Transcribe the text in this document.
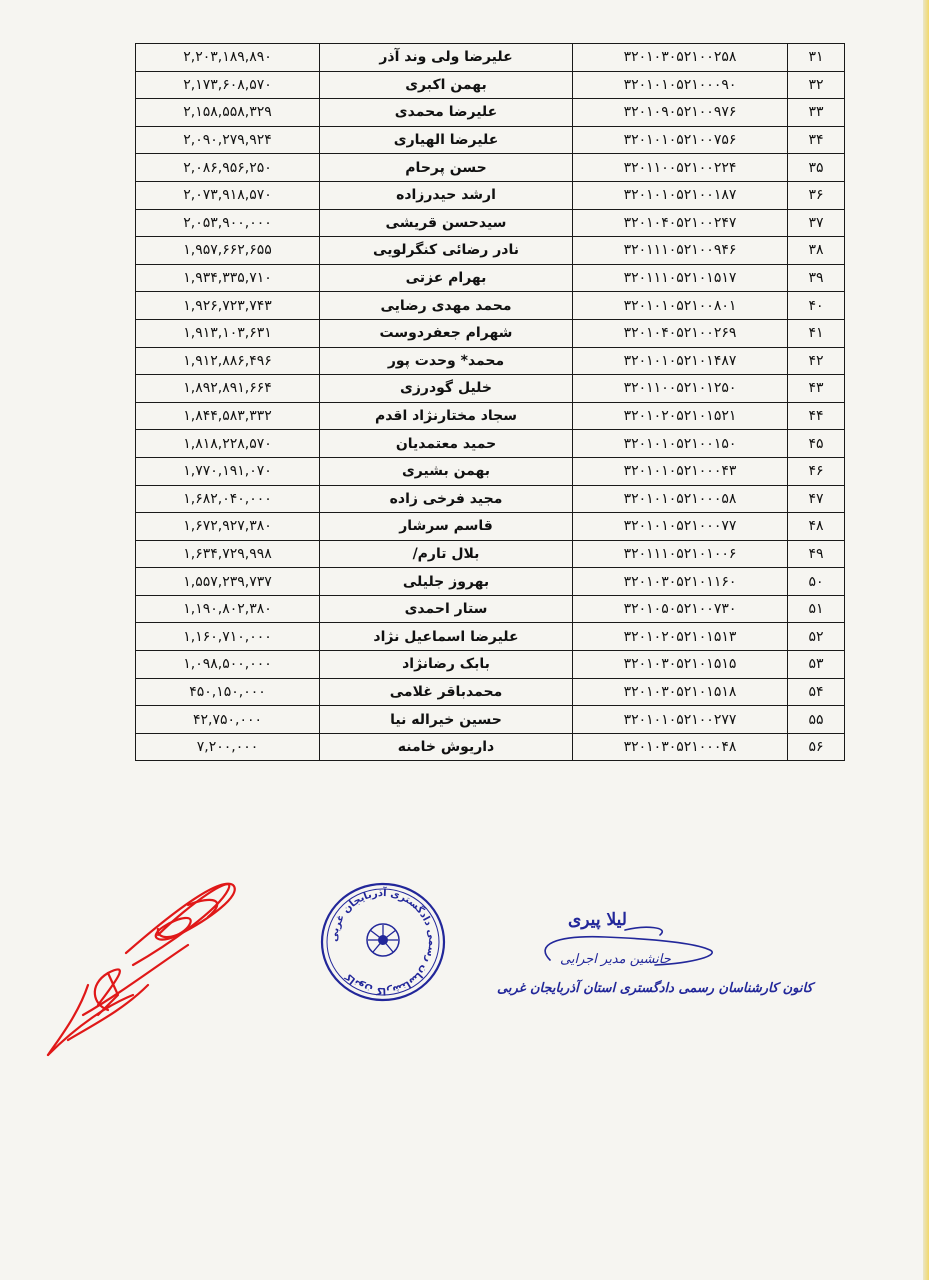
۳۱	۳۲۰۱۰۳۰۵۲۱۰۰۲۵۸	علیرضا ولی وند آذر	۲,۲۰۳,۱۸۹,۸۹۰
۳۲	۳۲۰۱۰۱۰۵۲۱۰۰۰۹۰	بهمن اکبری	۲,۱۷۳,۶۰۸,۵۷۰
۳۳	۳۲۰۱۰۹۰۵۲۱۰۰۹۷۶	علیرضا محمدی	۲,۱۵۸,۵۵۸,۳۲۹
۳۴	۳۲۰۱۰۱۰۵۲۱۰۰۷۵۶	علیرضا الهیاری	۲,۰۹۰,۲۷۹,۹۲۴
۳۵	۳۲۰۱۱۰۰۵۲۱۰۰۲۲۴	حسن پرحام	۲,۰۸۶,۹۵۶,۲۵۰
۳۶	۳۲۰۱۰۱۰۵۲۱۰۰۱۸۷	ارشد حیدرزاده	۲,۰۷۳,۹۱۸,۵۷۰
۳۷	۳۲۰۱۰۴۰۵۲۱۰۰۲۴۷	سیدحسن قریشی	۲,۰۵۳,۹۰۰,۰۰۰
۳۸	۳۲۰۱۱۱۰۵۲۱۰۰۹۴۶	نادر رضائی کنگرلویی	۱,۹۵۷,۶۶۲,۶۵۵
۳۹	۳۲۰۱۱۱۰۵۲۱۰۱۵۱۷	بهرام عزتی	۱,۹۳۴,۳۳۵,۷۱۰
۴۰	۳۲۰۱۰۱۰۵۲۱۰۰۸۰۱	محمد مهدی رضایی	۱,۹۲۶,۷۲۳,۷۴۳
۴۱	۳۲۰۱۰۴۰۵۲۱۰۰۲۶۹	شهرام جعفردوست	۱,۹۱۳,۱۰۳,۶۳۱
۴۲	۳۲۰۱۰۱۰۵۲۱۰۱۴۸۷	محمد* وحدت پور	۱,۹۱۲,۸۸۶,۴۹۶
۴۳	۳۲۰۱۱۰۰۵۲۱۰۱۲۵۰	خلیل گودرزی	۱,۸۹۲,۸۹۱,۶۶۴
۴۴	۳۲۰۱۰۲۰۵۲۱۰۱۵۲۱	سجاد مختارنژاد اقدم	۱,۸۴۴,۵۸۳,۳۳۲
۴۵	۳۲۰۱۰۱۰۵۲۱۰۰۱۵۰	حمید معتمدیان	۱,۸۱۸,۲۲۸,۵۷۰
۴۶	۳۲۰۱۰۱۰۵۲۱۰۰۰۴۳	بهمن بشیری	۱,۷۷۰,۱۹۱,۰۷۰
۴۷	۳۲۰۱۰۱۰۵۲۱۰۰۰۵۸	مجید فرخی زاده	۱,۶۸۲,۰۴۰,۰۰۰
۴۸	۳۲۰۱۰۱۰۵۲۱۰۰۰۷۷	قاسم سرشار	۱,۶۷۲,۹۲۷,۳۸۰
۴۹	۳۲۰۱۱۱۰۵۲۱۰۱۰۰۶	بلال تارم/	۱,۶۳۴,۷۲۹,۹۹۸
۵۰	۳۲۰۱۰۳۰۵۲۱۰۱۱۶۰	بهروز جلیلی	۱,۵۵۷,۲۳۹,۷۳۷
۵۱	۳۲۰۱۰۵۰۵۲۱۰۰۷۳۰	ستار احمدی	۱,۱۹۰,۸۰۲,۳۸۰
۵۲	۳۲۰۱۰۲۰۵۲۱۰۱۵۱۳	علیرضا اسماعیل نژاد	۱,۱۶۰,۷۱۰,۰۰۰
۵۳	۳۲۰۱۰۳۰۵۲۱۰۱۵۱۵	بابک رضانژاد	۱,۰۹۸,۵۰۰,۰۰۰
۵۴	۳۲۰۱۰۳۰۵۲۱۰۱۵۱۸	محمدباقر غلامی	۴۵۰,۱۵۰,۰۰۰
۵۵	۳۲۰۱۰۱۰۵۲۱۰۰۲۷۷	حسین خیراله نیا	۴۲,۷۵۰,۰۰۰
۵۶	۳۲۰۱۰۳۰۵۲۱۰۰۰۴۸	داریوش خامنه	۷,۲۰۰,۰۰۰
کانون کارشناسان رسمی دادگستری آذربایجان غربی
لیلا پیری
جانشین مدیر اجرایی
کانون کارشناسان رسمی دادگستری استان آذربایجان غربی
